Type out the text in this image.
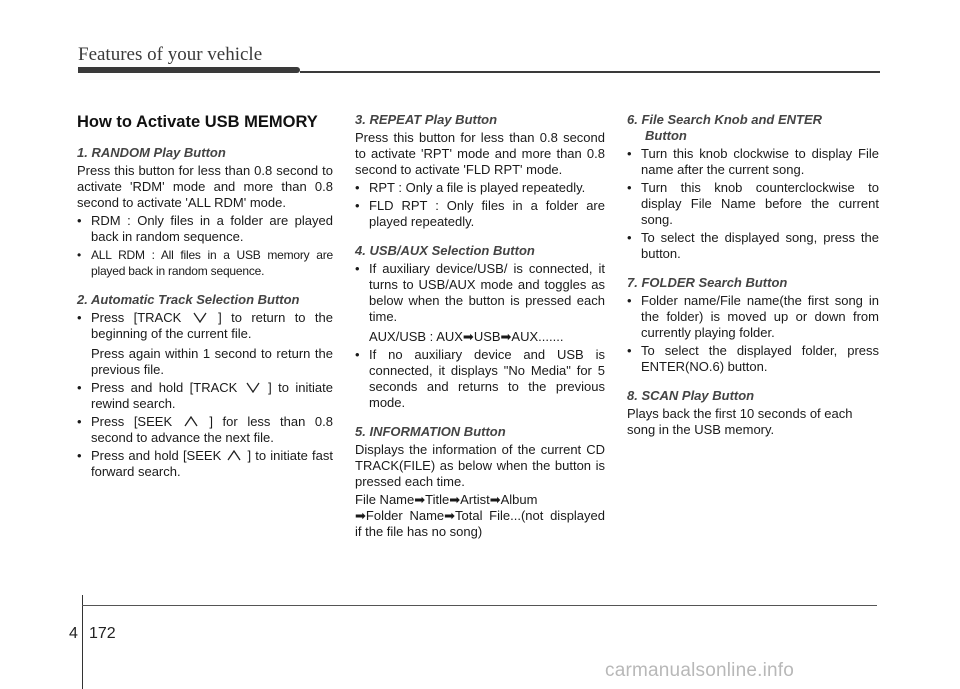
Features of your vehicle
How to Activate USB MEMORY
1. RANDOM Play Button

Press this button for less than 0.8 second to activate 'RDM' mode and more than 0.8 second to activate 'ALL RDM' mode.

• RDM : Only files in a folder are played back in random sequence.
• ALL RDM : All files in a USB memory are played back in random sequence.
2. Automatic Track Selection Button
• Press [TRACK	] to return to the beginning of the current file.
Press again within 1 second to return the previous file.
• Press and hold [TRACK ] to initiate rewind search.
• Press [SEEK	] for less than 0.8 second to advance the next file.
• Press and hold [SEEK ] to initiate fast forward search.
3. REPEAT Play Button

Press this button for less than 0.8 second to activate 'RPT' mode and more than 0.8 second to activate 'FLD RPT' mode.

• RPT : Only a file is played repeatedly.
• FLD RPT : Only files in a folder are played repeatedly.
4. USB/AUX Selection Button
• If auxiliary device/USB/ is connected, it turns to USB/AUX mode and toggles as below when the button is pressed each time.
AUX/USB : AUX➡USB➡AUX.......
• If no auxiliary device and USB is connected, it displays "No Media" for 5 seconds and returns to the previous mode.
5. INFORMATION Button

Displays the information of the current CD TRACK(FILE) as below when the button is pressed each time.

File Name➡Title➡Artist➡Album

➡Folder Name➡Total File...(not displayed if the file has no song)

6. File Search Knob and ENTER
Button
• Turn this knob clockwise to display File name after the current song.
• Turn this knob counterclockwise to display File Name before the current song.
• To select the displayed song, press the button.
7. FOLDER Search Button
• Folder name/File name(the first song in the folder) is moved up or down from currently playing folder.
• To select the displayed folder, press ENTER(NO.6) button.
8. SCAN Play Button

Plays back the first 10 seconds of each song in the USB memory.

4 172
carmanualsonline.info
